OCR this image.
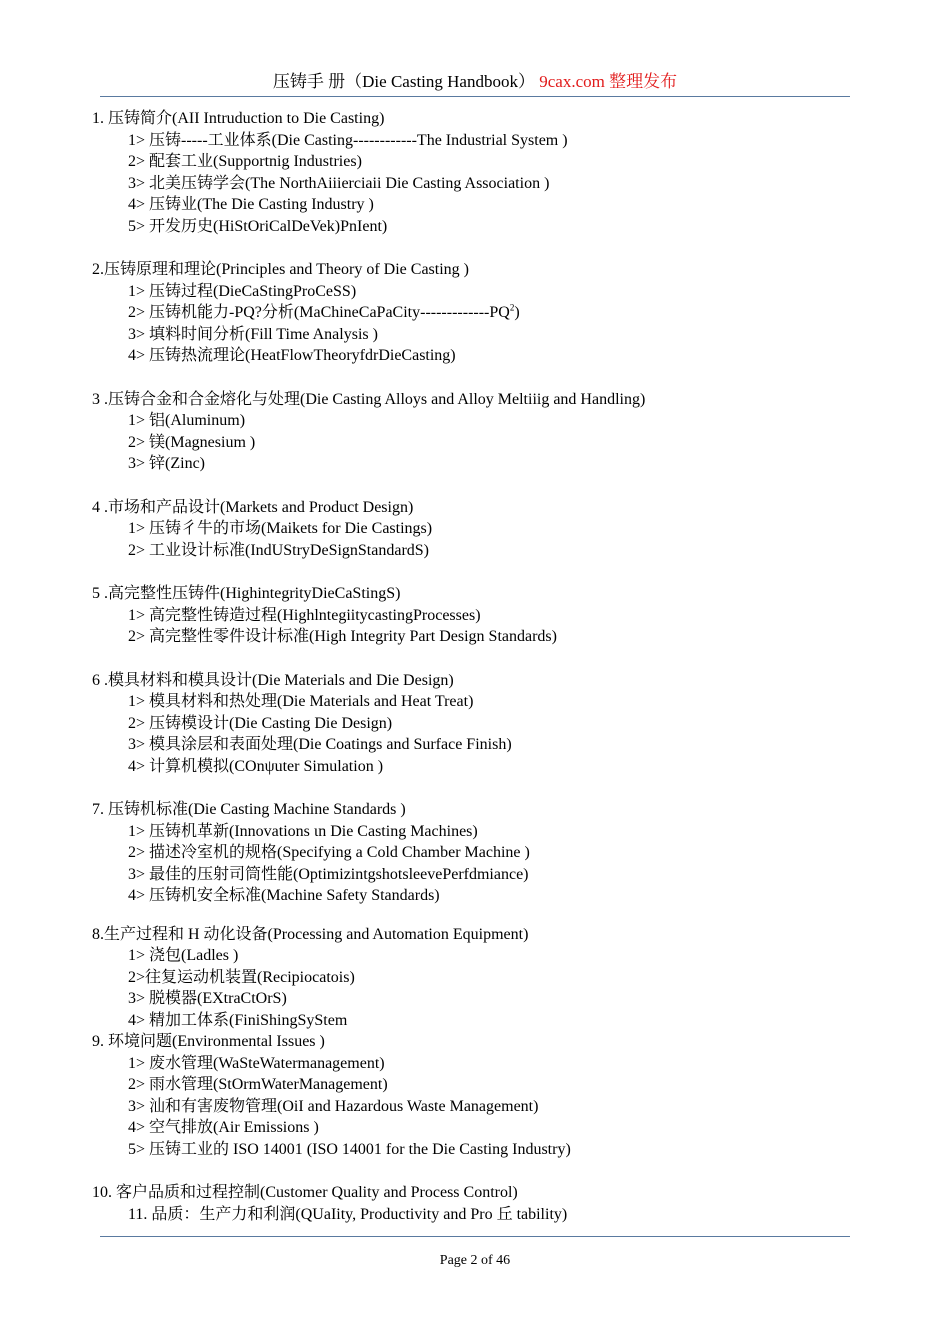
压铸手 册（Die Casting Handbook） 9cax.com 整理发布
1. 压铸简介(AII Intruduction to Die Casting)
1> 压铸-----工业体系(Die Casting------------The Industrial System )
2> 配套工业(Supportnig Industries)
3> 北美压铸学会(The NorthAiiierciaii Die Casting Association )
4> 压铸业(The Die Casting Industry )
5> 开发历史(HiStOriCalDeVek)PnIent)
2.压铸原理和理论(Principles and Theory of Die Casting )
1> 压铸过程(DieCaStingProCeSS)
2> 压铸机能力-PQ?分析$(MaChineCaPaCity-------------PQ^2)$
3> 填料时间分析(Fill Time Analysis )
4> 压铸热流理论(HeatFlowTheoryfdrDieCasting)
3 .压铸合金和合金熔化与处理(Die Casting Alloys and Alloy Meltiiig and Handling)
1> 铝(Aluminum)
2> 镁(Magnesium )
3> 锌(Zinc)
4 .市场和产品设计(Markets and Product Design)
1> 压铸彳牛的市场(Maikets for Die Castings)
2> 工业设计标准(IndUStryDeSignStandardS)
5 .高完整性压铸件(HighintegrityDieCaStingS)
1> 高完整性铸造过程(HighlntegiitycastingProcesses)
2> 高完整性零件设计标准(High Integrity Part Design Standards)
6 .模具材料和模具设计(Die Materials and Die Design)
1> 模具材料和热处理(Die Materials and Heat Treat)
2> 压铸模设计(Die Casting Die Design)
3> 模具涂层和表面处理(Die Coatings and Surface Finish)
4> 计算机模拟(COnψuter Simulation )
7. 压铸机标准(Die Casting Machine Standards )
1> 压铸机革新(Innovations ιn Die Casting Machines)
2> 描述冷室机的规格(Specifying a Cold Chamber Machine )
3> 最佳的压射司筒性能(OptimizintgshotsleevePerfdmiance)
4> 压铸机安全标准(Machine Safety Standards)
8.生产过程和 H 动化设备(Processing and Automation Equipment)
1> 浇包(Ladles )
2>往复运动机装置(Recipiocatois)
3> 脱模器(EXtraCtOrS)
4> 精加工体系(FiniShingSyStem
9. 环境问题(Environmental Issues )
1> 废水管理(WaSteWatermanagement)
2> 雨水管理(StOrmWaterManagement)
3> 汕和有害废物管理(OiI and Hazardous Waste Management)
4> 空气排放(Air Emissions )
5> 压铸工业的 ISO 14001 (ISO 14001 for the Die Casting Industry)
10. 客户品质和过程控制(Customer Quality and Process Control)
11. 品质：生产力和利润(QUaIity, Productivity and Pro 丘 tability)
Page 2 of 46
